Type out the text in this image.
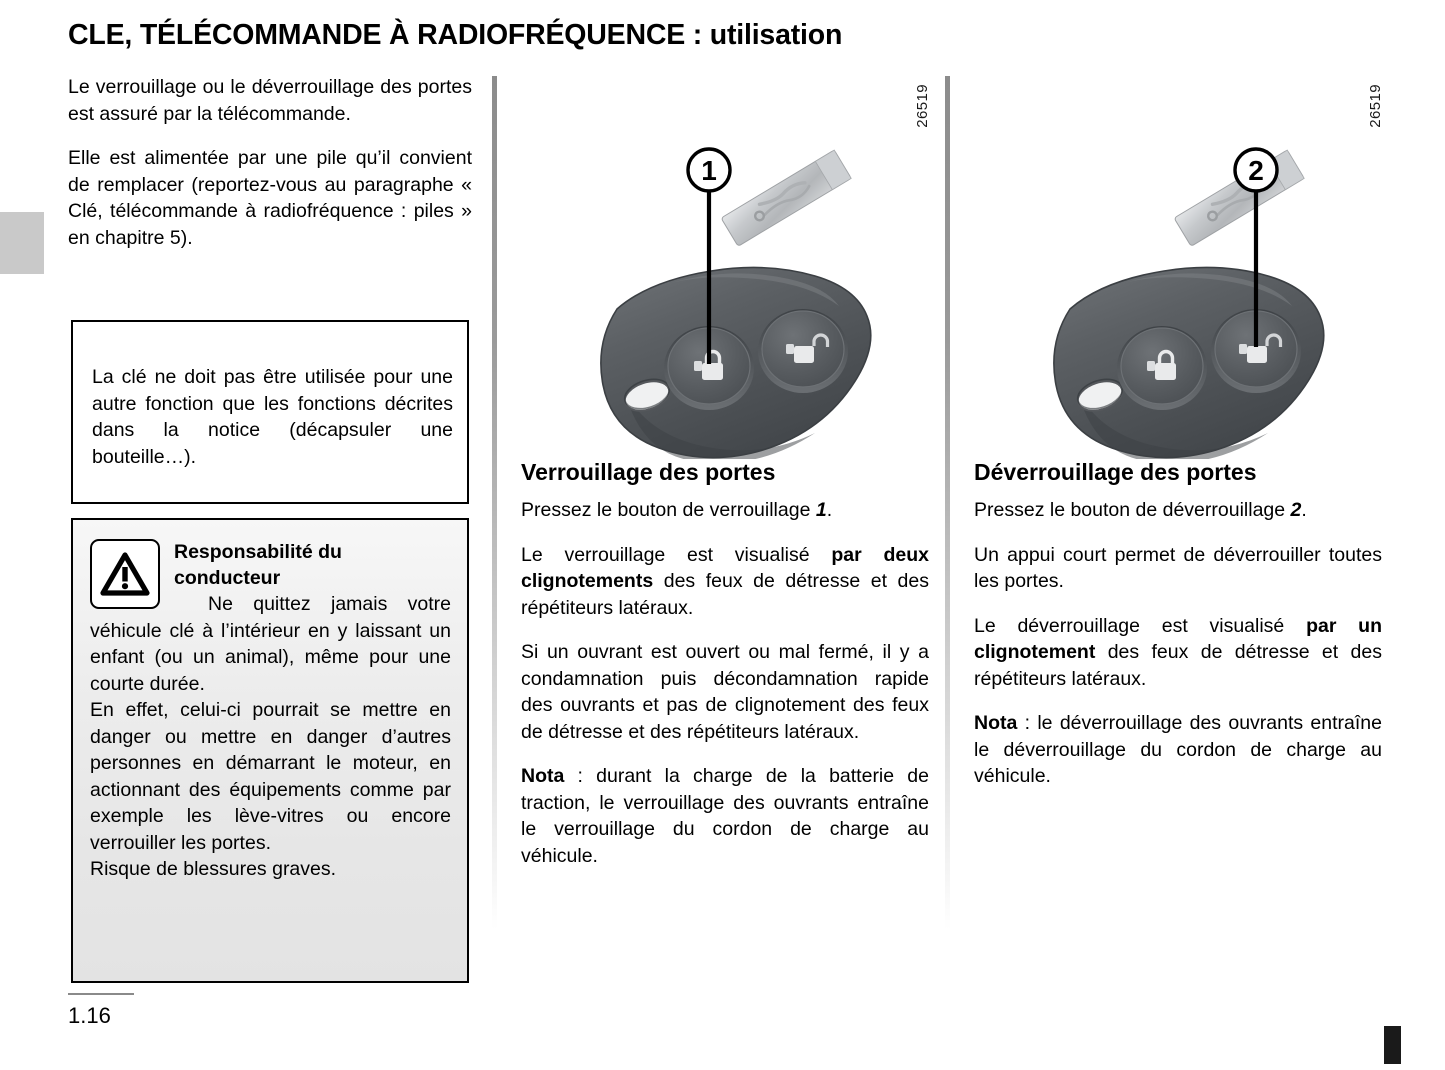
CLE, TÉLÉCOMMANDE À RADIOFRÉQUENCE : utilisation

Le verrouillage ou le déverrouillage des portes est assuré par la télécommande.

Elle est alimentée par une pile qu’il convient de remplacer (reportez-vous au paragraphe « Clé, télécommande à radiofréquence : piles » en chapitre 5).

La clé ne doit pas être utilisée pour une autre fonction que les fonctions décrites dans la notice (décapsuler une bouteille…).
Responsabilité du
conducteur

Ne quittez jamais votre véhicule clé à l’intérieur en y laissant un enfant (ou un animal), même pour une courte durée.

En effet, celui-ci pourrait se mettre en danger ou mettre en danger d’autres personnes en démarrant le moteur, en actionnant des équipements comme par exemple les lève-vitres ou encore verrouiller les portes.

Risque de blessures graves.

26519
1
Verrouillage des portes

Pressez le bouton de verrouillage 1.

Le verrouillage est visualisé par deux clignotements des feux de détresse et des répétiteurs latéraux.

Si un ouvrant est ouvert ou mal fermé, il y a condamnation puis décondamnation rapide des ouvrants et pas de clignotement des feux de détresse et des répétiteurs latéraux.

Nota : durant la charge de la batterie de traction, le verrouillage des ouvrants entraîne le verrouillage du cordon de charge au véhicule.

26519
2
Déverrouillage des portes

Pressez le bouton de déverrouillage 2.

Un appui court permet de déverrouiller toutes les portes.

Le déverrouillage est visualisé par un clignotement des feux de détresse et des répétiteurs latéraux.

Nota : le déverrouillage des ouvrants entraîne le déverrouillage du cordon de charge au véhicule.

1.16
